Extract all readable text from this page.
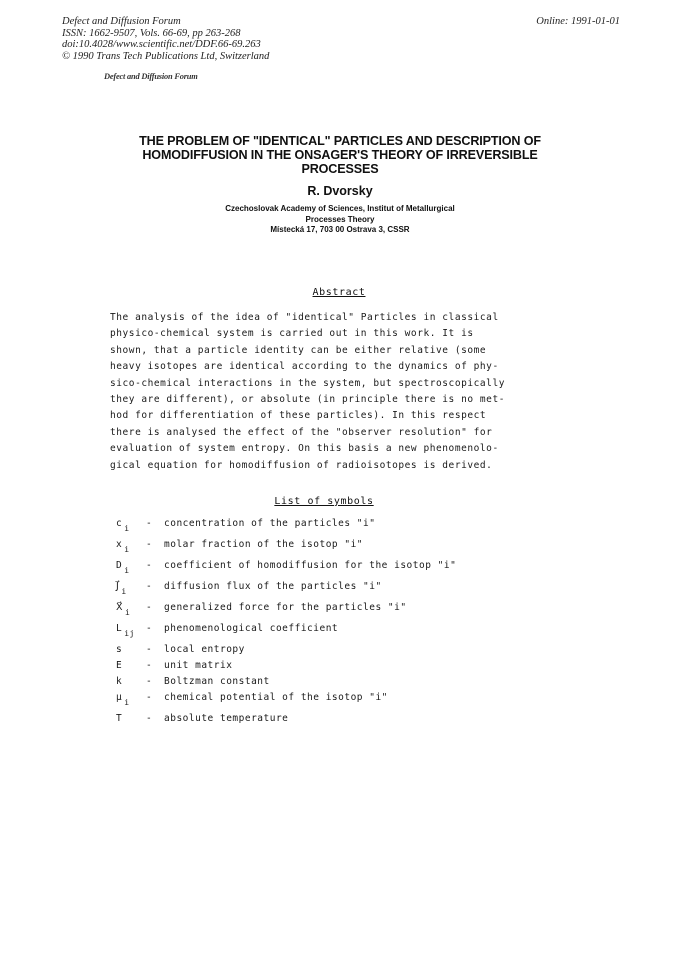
Defect and Diffusion Forum
ISSN: 1662-9507, Vols. 66-69, pp 263-268
doi:10.4028/www.scientific.net/DDF.66-69.263
© 1990 Trans Tech Publications Ltd, Switzerland
Online: 1991-01-01
Defect and Diffusion Forum
THE PROBLEM OF "IDENTICAL" PARTICLES AND DESCRIPTION OF
HOMODIFFUSION IN THE ONSAGER'S THEORY OF IRREVERSIBLE
PROCESSES
R. Dvorsky
Czechoslovak Academy of Sciences, Institut of Metallurgical
Processes Theory
Místecká 17, 703 00 Ostrava 3, CSSR
Abstract
The analysis of the idea of "identical" Particles in classical
physico-chemical system is carried out in this work. It is
shown, that a particle identity can be either relative (some
heavy isotopes are identical according to the dynamics of phy-
sico-chemical interactions in the system, but spectroscopically
they are different), or absolute (in principle there is no met-
hod for differentiation of these particles). In this respect
there is analysed the effect of the "observer resolution" for
evaluation of system entropy. On this basis a new phenomenolo-
gical equation for homodiffusion of radioisotopes is derived.
List of symbols
c $_i$ - concentration of the particles "i"
x $_i$ - molar fraction of the isotop "i"
D $_i$ - coefficient of homodiffusion for the isotop "i"
J⃗ $_i$ - diffusion flux of the particles "i"
X⃗ $_i$ - generalized force for the particles "i"
L $_{ij}$ - phenomenological coefficient
s	- local entropy
E	- unit matrix
k	- Boltzman constant
μ $_i$ - chemical potential of the isotop "i"
T	- absolute temperature
